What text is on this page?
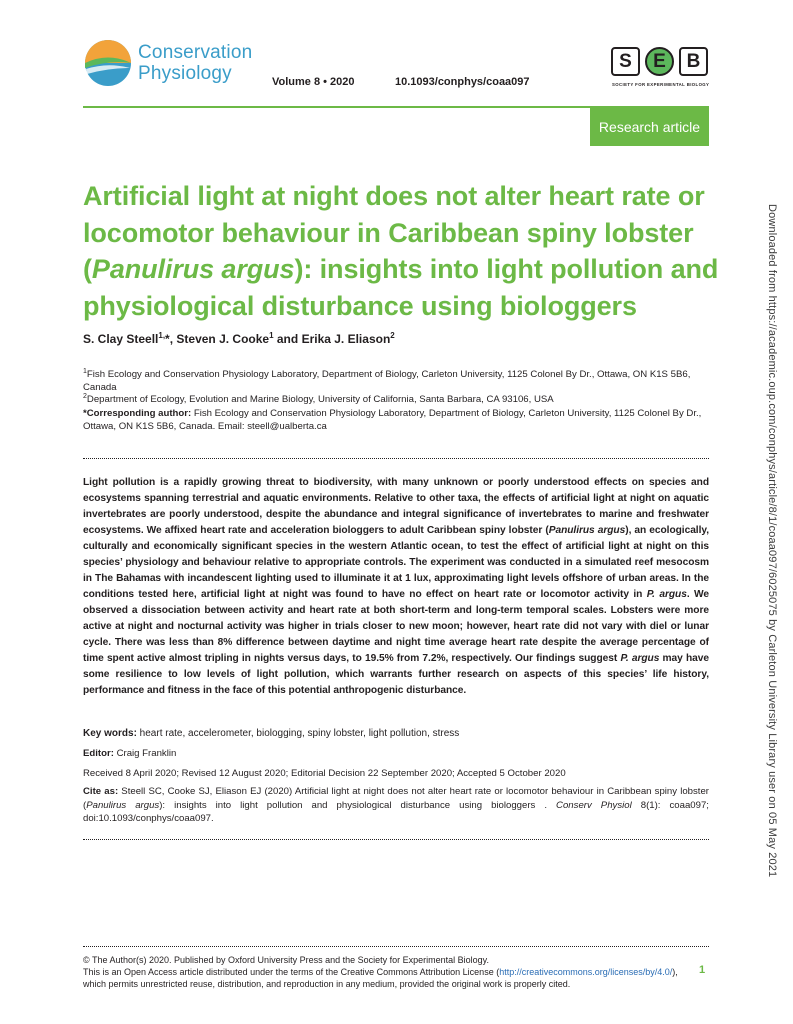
Conservation
Physiology	Volume 8 • 2020	10.1093/conphys/coaa097
S	E	B
SOCIETY FOR EXPERIMENTAL BIOLOGY
Research article
Artificial light at night does not alter heart rate or locomotor behaviour in Caribbean spiny lobster (Panulirus argus): insights into light pollution and physiological disturbance using biologgers
S. Clay Steell$^{1,}$*, Steven J. Cooke$^1$ and Erika J. Eliason$^2$
$^1$Fish Ecology and Conservation Physiology Laboratory, Department of Biology, Carleton University, 1125 Colonel By Dr., Ottawa, ON K1S 5B6, Canada
$^2$Department of Ecology, Evolution and Marine Biology, University of California, Santa Barbara, CA 93106, USA
*Corresponding author: Fish Ecology and Conservation Physiology Laboratory, Department of Biology, Carleton University, 1125 Colonel By Dr., Ottawa, ON K1S 5B6, Canada. Email: steell@ualberta.ca

Light pollution is a rapidly growing threat to biodiversity, with many unknown or poorly understood effects on species and ecosystems spanning terrestrial and aquatic environments. Relative to other taxa, the effects of artificial light at night on aquatic invertebrates are poorly understood, despite the abundance and integral significance of invertebrates to marine and freshwater ecosystems. We affixed heart rate and acceleration biologgers to adult Caribbean spiny lobster (Panulirus argus), an ecologically, culturally and economically significant species in the western Atlantic ocean, to test the effect of artificial light at night on this species’ physiology and behaviour relative to appropriate controls. The experiment was conducted in a simulated reef mesocosm in The Bahamas with incandescent lighting used to illuminate it at 1 lux, approximating light levels offshore of urban areas. In the conditions tested here, artificial light at night was found to have no effect on heart rate or locomotor activity in P. argus. We observed a dissociation between activity and heart rate at both short-term and long-term temporal scales. Lobsters were more active at night and nocturnal activity was higher in trials closer to new moon; however, heart rate did not vary with diel or lunar cycle. There was less than 8% difference between daytime and night time average heart rate despite the average percentage of time spent active almost tripling in nights versus days, to 19.5% from 7.2%, respectively. Our findings suggest P. argus may have some resilience to low levels of light pollution, which warrants further research on aspects of this species’ life history, performance and fitness in the face of this potential anthropogenic disturbance.

Key words: heart rate, accelerometer, biologging, spiny lobster, light pollution, stress
Editor: Craig Franklin
Received 8 April 2020; Revised 12 August 2020; Editorial Decision 22 September 2020; Accepted 5 October 2020
Cite as: Steell SC, Cooke SJ, Eliason EJ (2020) Artificial light at night does not alter heart rate or locomotor behaviour in Caribbean spiny lobster (Panulirus argus): insights into light pollution and physiological disturbance using biologgers . Conserv Physiol 8(1): coaa097; doi:10.1093/conphys/coaa097.
© The Author(s) 2020. Published by Oxford University Press and the Society for Experimental Biology.
This is an Open Access article distributed under the terms of the Creative Commons Attribution License (http://creativecommons.org/licenses/by/4.0/), which permits unrestricted reuse, distribution, and reproduction in any medium, provided the original work is properly cited.
1
Downloaded from https://academic.oup.com/conphys/article/8/1/coaa097/6025075 by Carleton University Library user on 05 May 2021
